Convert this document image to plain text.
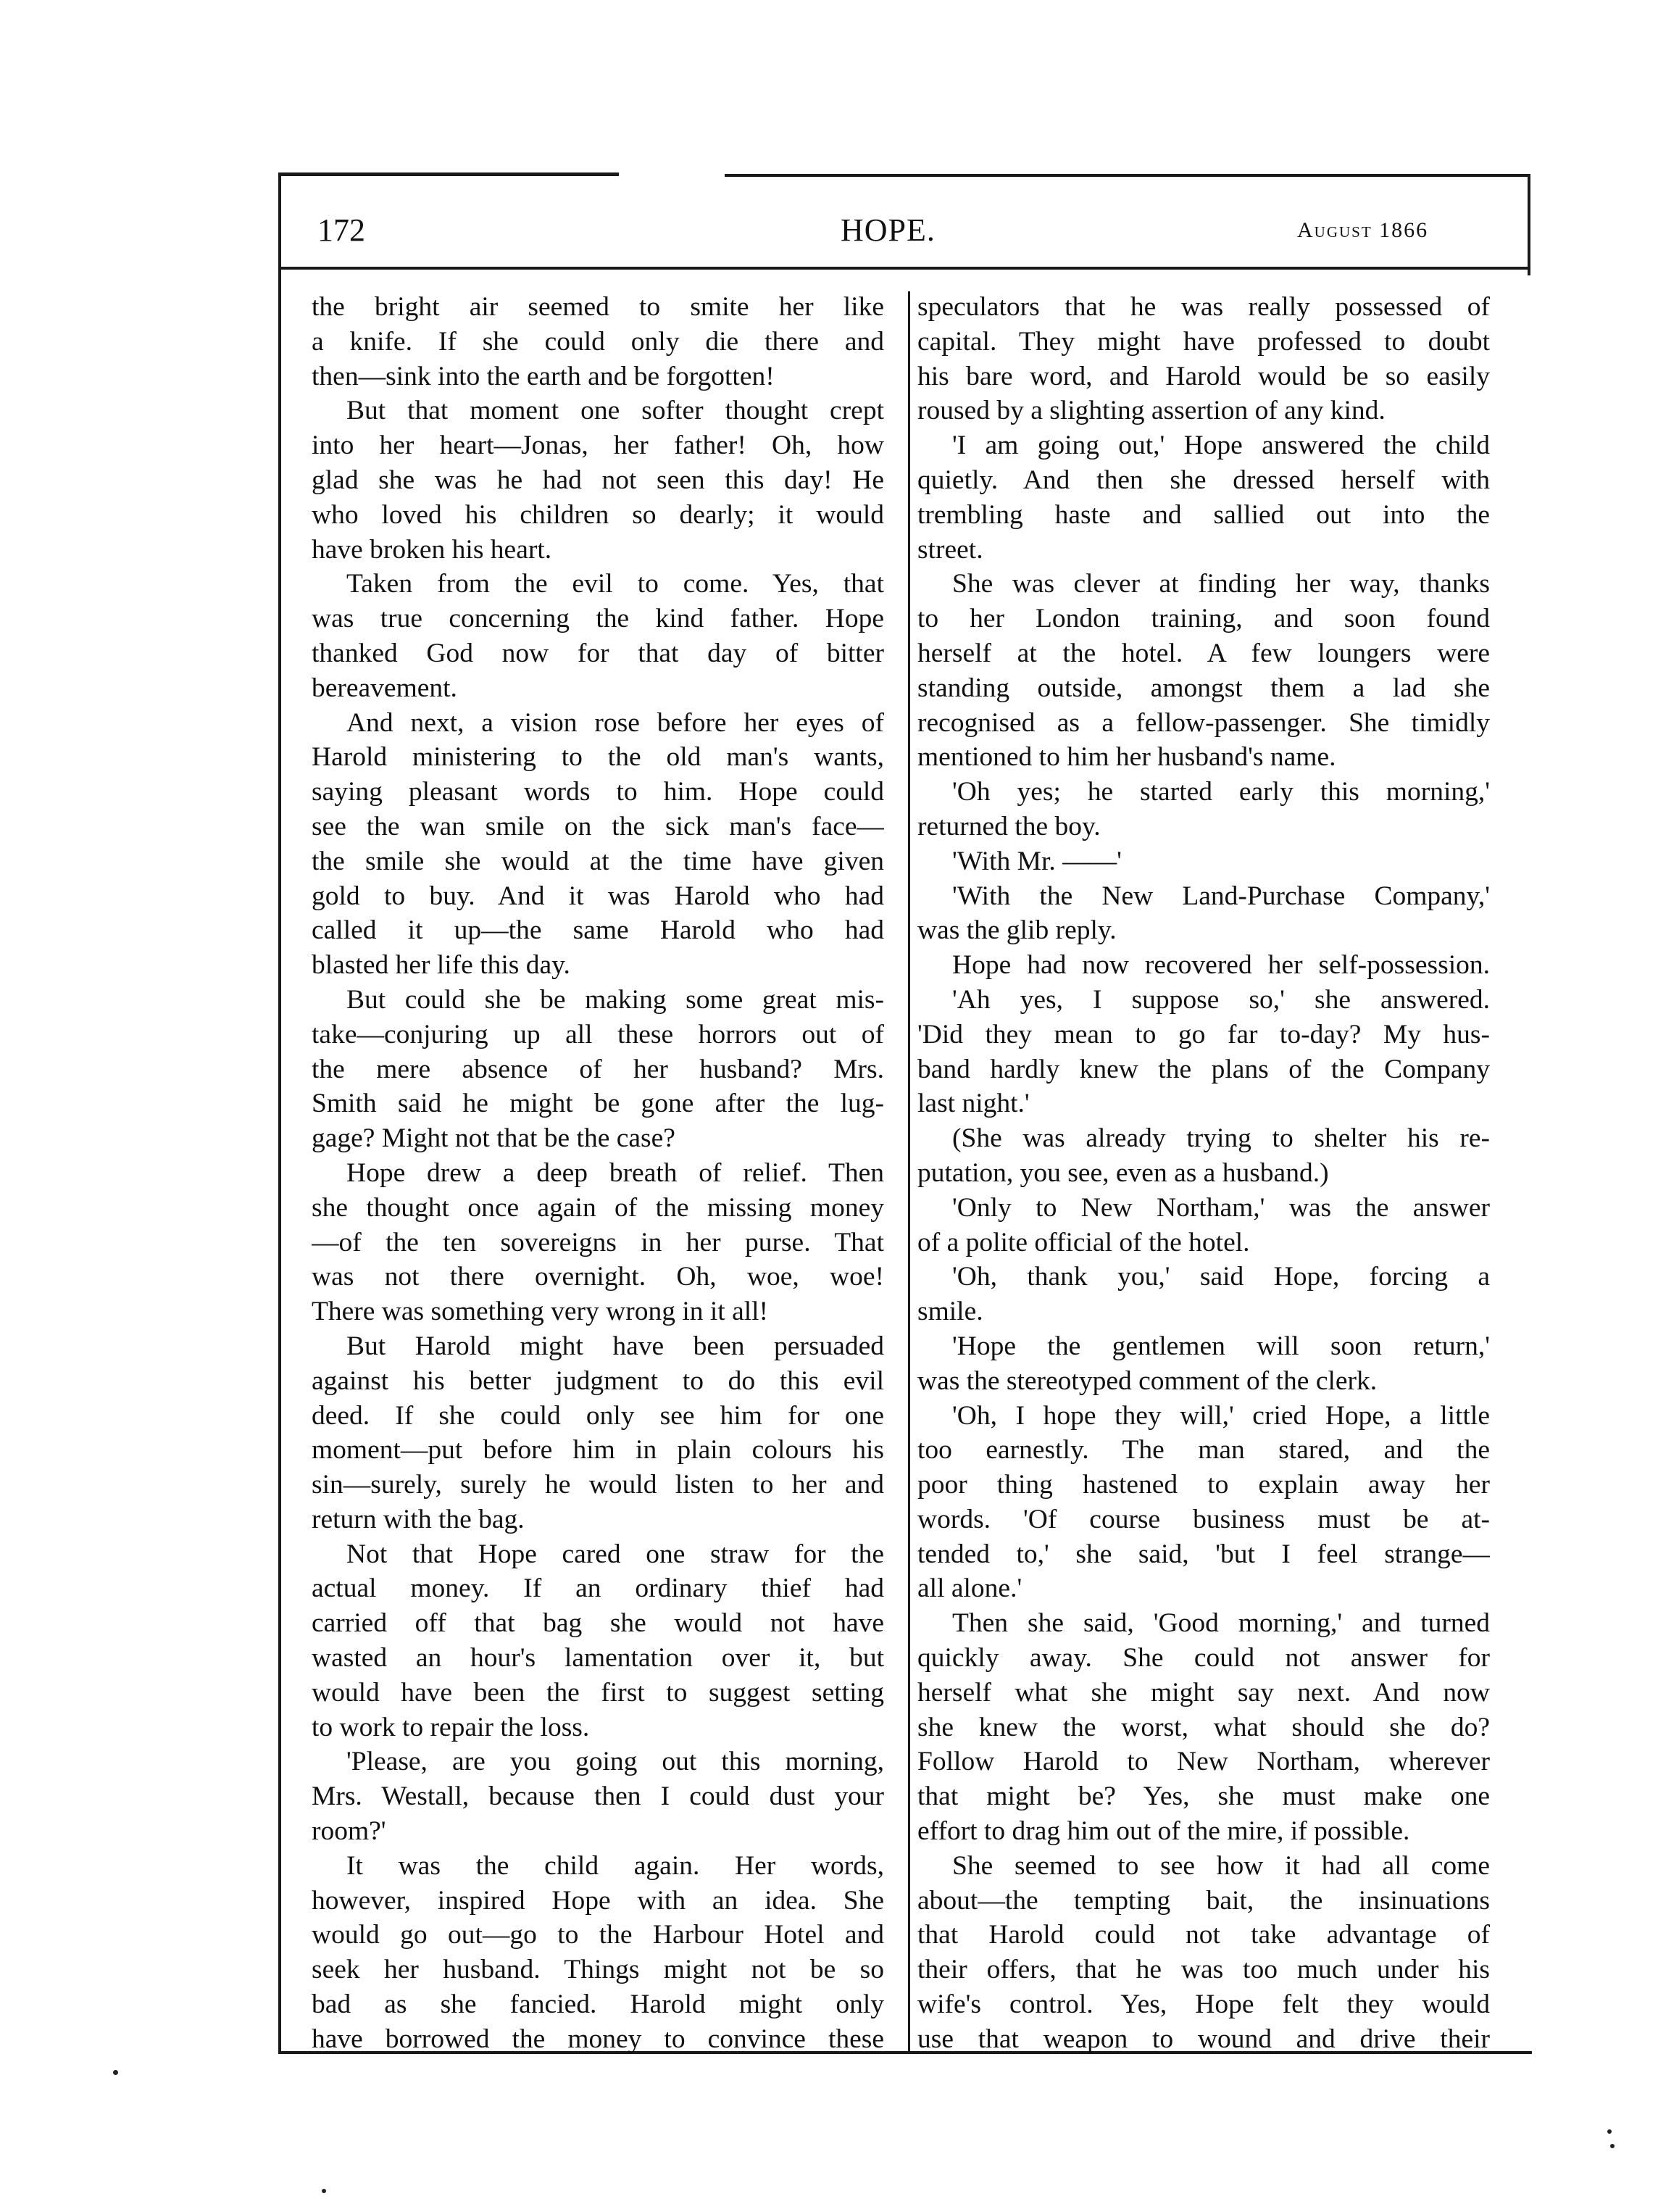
172	HOPE.	August 1866
the bright air seemed to smite her like
a knife. If she could only die there and
then—sink into the earth and be forgotten!
But that moment one softer thought crept
into her heart—Jonas, her father! Oh, how
glad she was he had not seen this day! He
who loved his children so dearly; it would
have broken his heart.
Taken from the evil to come. Yes, that
was true concerning the kind father. Hope
thanked God now for that day of bitter
bereavement.
And next, a vision rose before her eyes of
Harold ministering to the old man's wants,
saying pleasant words to him. Hope could
see the wan smile on the sick man's face—
the smile she would at the time have given
gold to buy. And it was Harold who had
called it up—the same Harold who had
blasted her life this day.
But could she be making some great mis-
take—conjuring up all these horrors out of
the mere absence of her husband? Mrs.
Smith said he might be gone after the lug-
gage? Might not that be the case?
Hope drew a deep breath of relief. Then
she thought once again of the missing money
—of the ten sovereigns in her purse. That
was not there overnight. Oh, woe, woe!
There was something very wrong in it all!
But Harold might have been persuaded
against his better judgment to do this evil
deed. If she could only see him for one
moment—put before him in plain colours his
sin—surely, surely he would listen to her and
return with the bag.
Not that Hope cared one straw for the
actual money. If an ordinary thief had
carried off that bag she would not have
wasted an hour's lamentation over it, but
would have been the first to suggest setting
to work to repair the loss.
'Please, are you going out this morning,
Mrs. Westall, because then I could dust your
room?'
It was the child again. Her words,
however, inspired Hope with an idea. She
would go out—go to the Harbour Hotel and
seek her husband. Things might not be so
bad as she fancied. Harold might only
have borrowed the money to convince these
speculators that he was really possessed of
capital. They might have professed to doubt
his bare word, and Harold would be so easily
roused by a slighting assertion of any kind.
'I am going out,' Hope answered the child
quietly. And then she dressed herself with
trembling haste and sallied out into the
street.
She was clever at finding her way, thanks
to her London training, and soon found
herself at the hotel. A few loungers were
standing outside, amongst them a lad she
recognised as a fellow-passenger. She timidly
mentioned to him her husband's name.
'Oh yes; he started early this morning,'
returned the boy.
'With Mr. ——'
'With the New Land-Purchase Company,'
was the glib reply.
Hope had now recovered her self-possession.
'Ah yes, I suppose so,' she answered.
'Did they mean to go far to-day? My hus-
band hardly knew the plans of the Company
last night.'
(She was already trying to shelter his re-
putation, you see, even as a husband.)
'Only to New Northam,' was the answer
of a polite official of the hotel.
'Oh, thank you,' said Hope, forcing a
smile.
'Hope the gentlemen will soon return,'
was the stereotyped comment of the clerk.
'Oh, I hope they will,' cried Hope, a little
too earnestly. The man stared, and the
poor thing hastened to explain away her
words. 'Of course business must be at-
tended to,' she said, 'but I feel strange—
all alone.'
Then she said, 'Good morning,' and turned
quickly away. She could not answer for
herself what she might say next. And now
she knew the worst, what should she do?
Follow Harold to New Northam, wherever
that might be? Yes, she must make one
effort to drag him out of the mire, if possible.
She seemed to see how it had all come
about—the tempting bait, the insinuations
that Harold could not take advantage of
their offers, that he was too much under his
wife's control. Yes, Hope felt they would
use that weapon to wound and drive their
